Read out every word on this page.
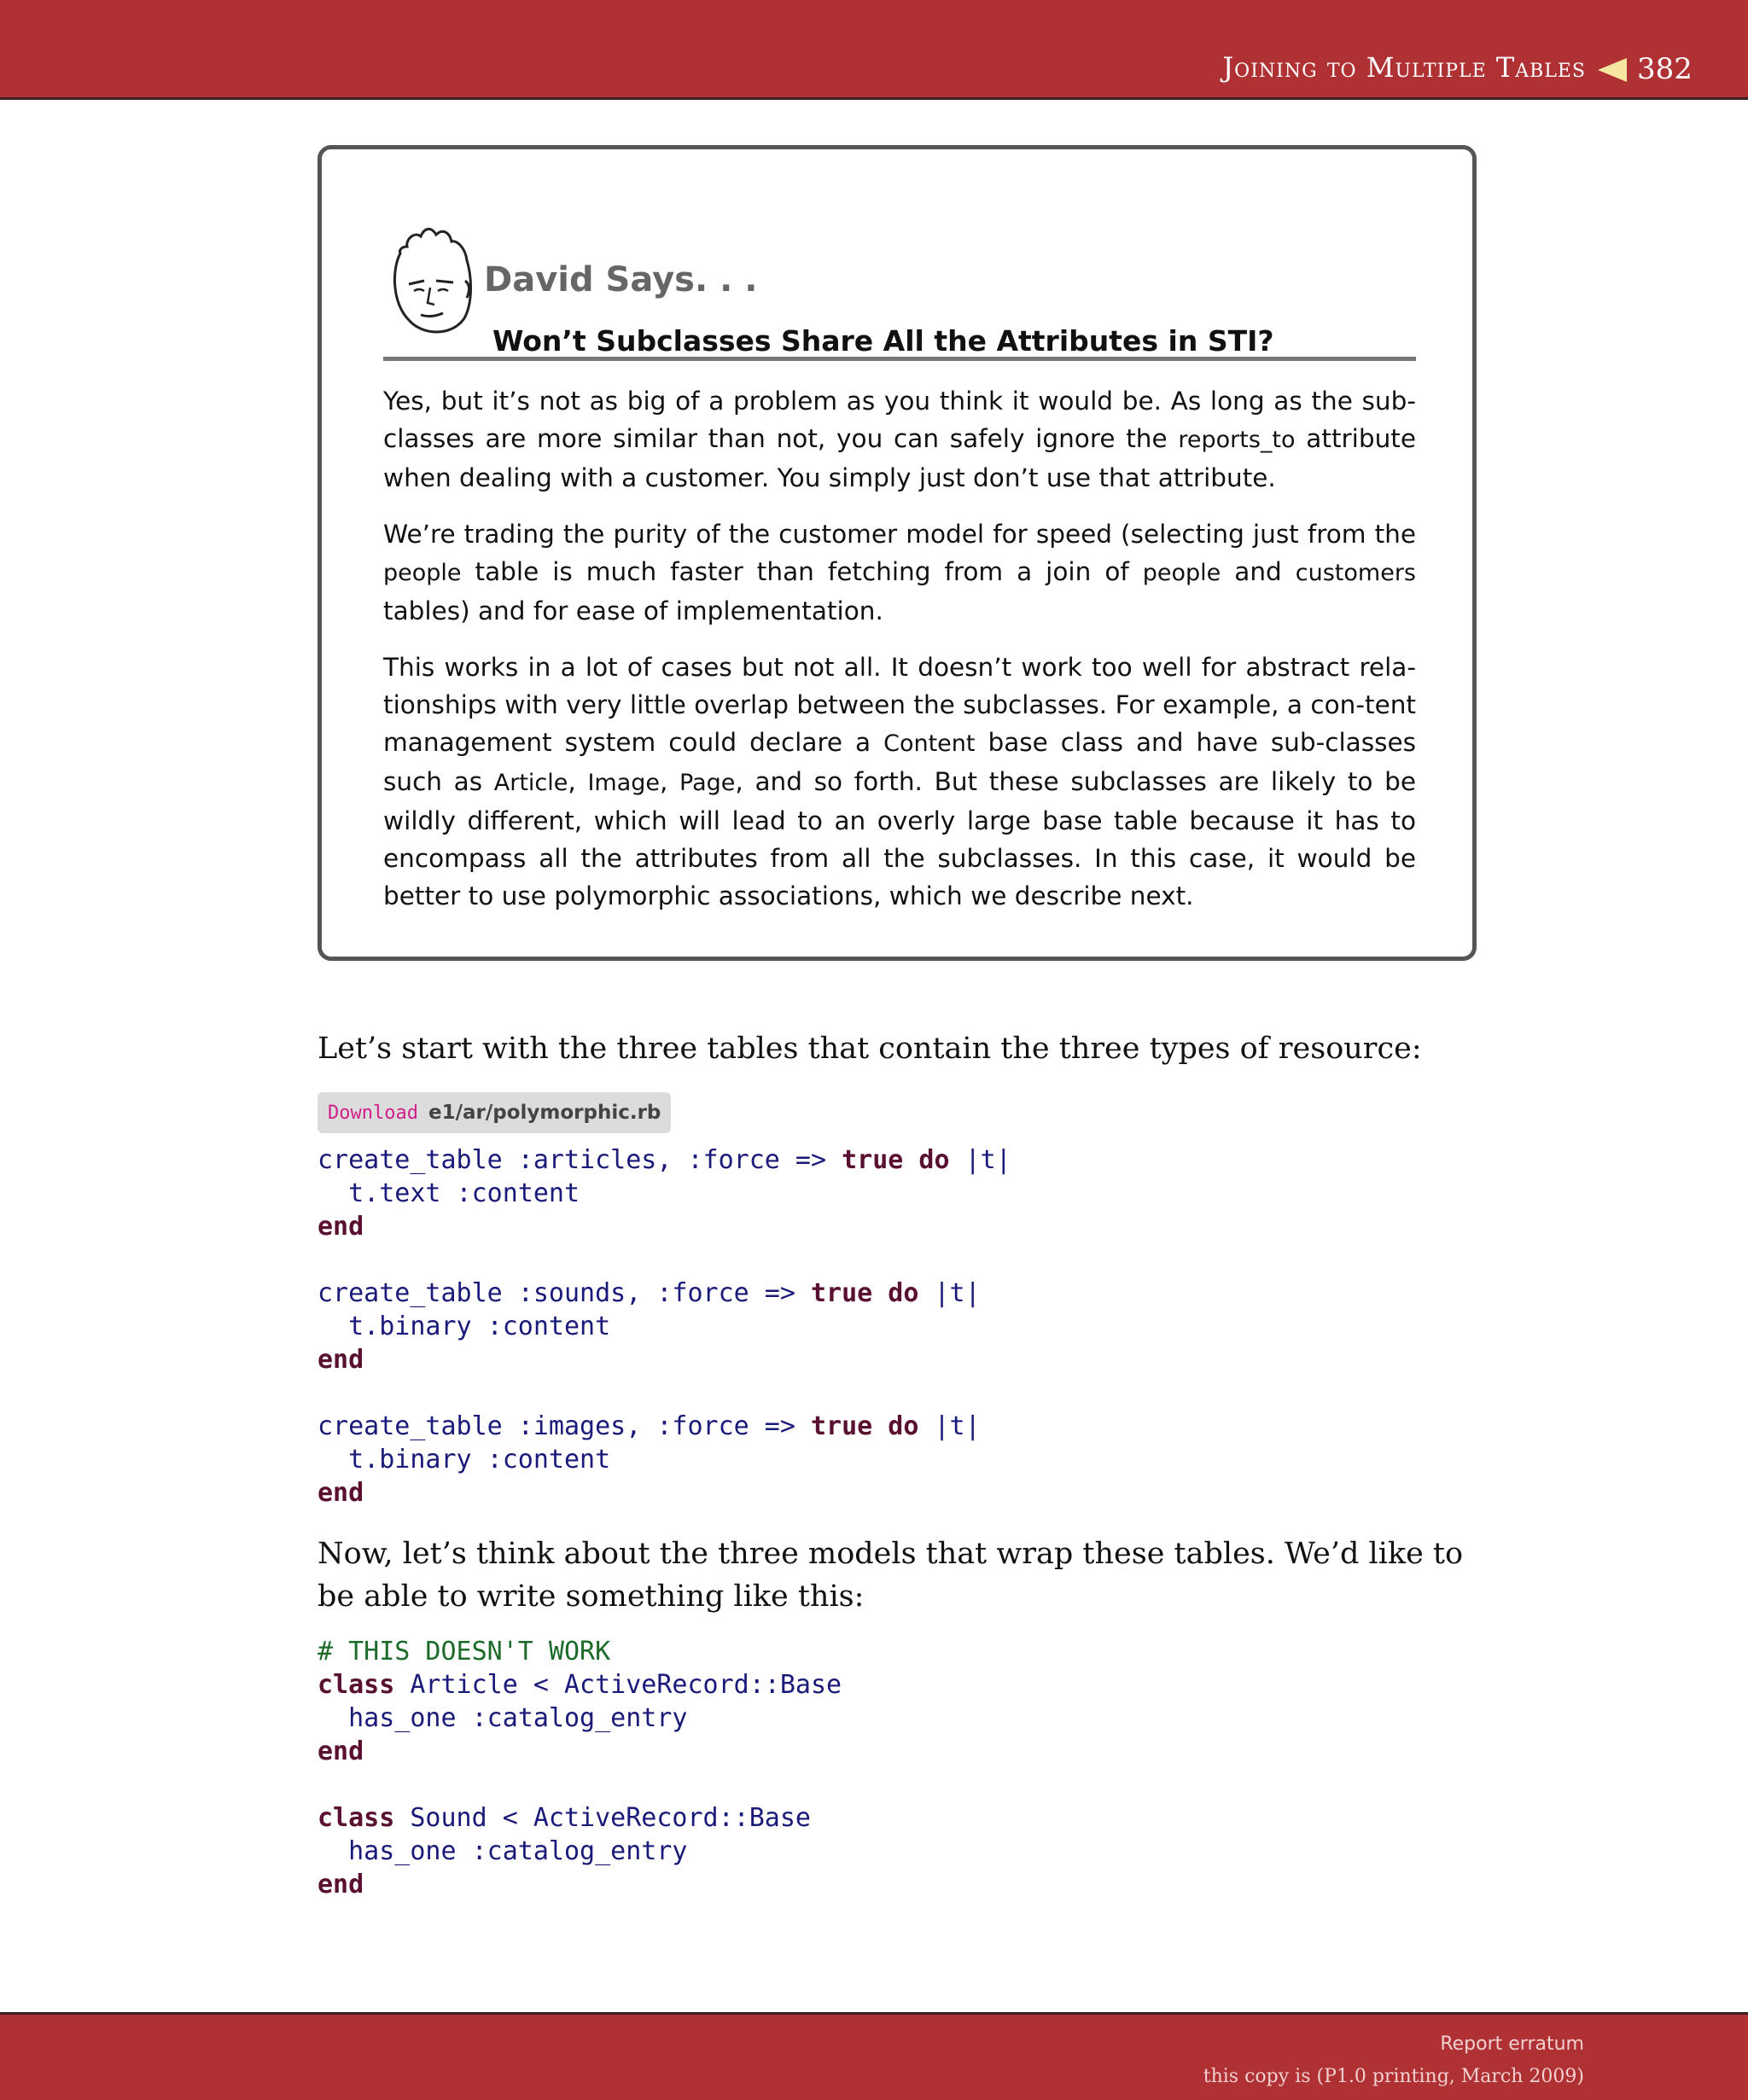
Joining to Multiple Tables 382
David Says. . .
Won’t Subclasses Share All the Attributes in STI?

Yes, but it’s not as big of a problem as you think it would be. As long as the sub-classes are more similar than not, you can safely ignore the reports_to attribute when dealing with a customer. You simply just don’t use that attribute.

We’re trading the purity of the customer model for speed (selecting just from the people table is much faster than fetching from a join of people and customers tables) and for ease of implementation.

This works in a lot of cases but not all. It doesn’t work too well for abstract rela-tionships with very little overlap between the subclasses. For example, a con-tent management system could declare a Content base class and have sub-classes such as Article, Image, Page, and so forth. But these subclasses are likely to be wildly different, which will lead to an overly large base table because it has to encompass all the attributes from all the subclasses. In this case, it would be better to use polymorphic associations, which we describe next.

Let’s start with the three tables that contain the three types of resource:
Download e1/ar/polymorphic.rb
create_table :articles, :force => true do |t|
t.text :content
end

create_table :sounds, :force => true do |t|
t.binary :content
end

create_table :images, :force => true do |t|
t.binary :content
end
Now, let’s think about the three models that wrap these tables. We’d like to be able to write something like this:
# THIS DOESN'T WORK
class Article < ActiveRecord::Base
has_one :catalog_entry
end

class Sound < ActiveRecord::Base
has_one :catalog_entry
end
Report erratum
this copy is (P1.0 printing, March 2009)
